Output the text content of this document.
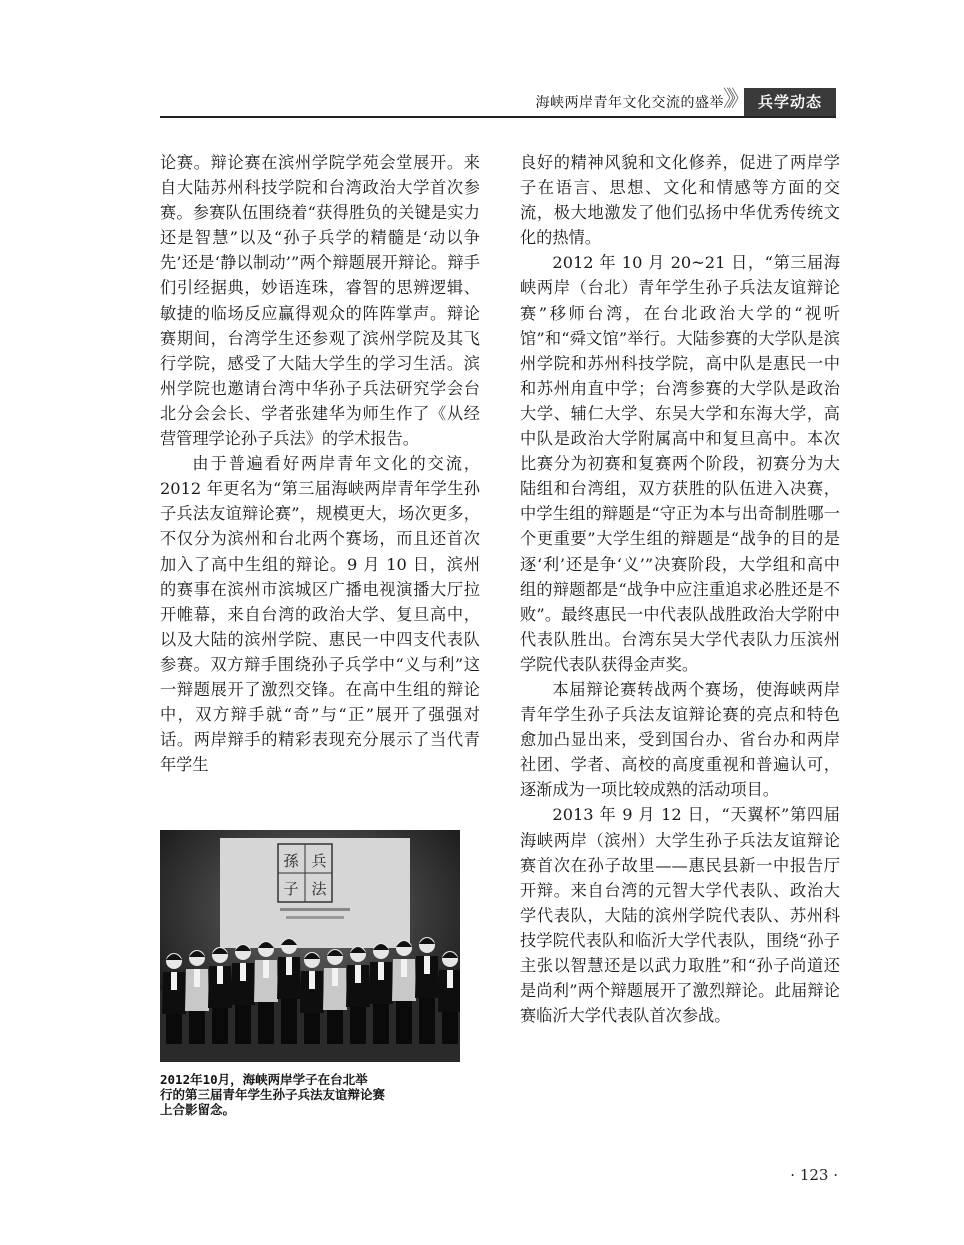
海峡两岸青年文化交流的盛举
》》 兵学动态

论赛。辩论赛在滨州学院学苑会堂展开。来自大陆苏州科技学院和台湾政治大学首次参赛。参赛队伍围绕着“获得胜负的关键是实力还是智慧”以及“孙子兵学的精髓是‘动以争先’还是‘静以制动’”两个辩题展开辩论。辩手们引经据典，妙语连珠，睿智的思辨逻辑、敏捷的临场反应赢得观众的阵阵掌声。辩论赛期间，台湾学生还参观了滨州学院及其飞行学院，感受了大陆大学生的学习生活。滨州学院也邀请台湾中华孙子兵法研究学会台北分会会长、学者张建华为师生作了《从经营管理学论孙子兵法》的学术报告。

由于普遍看好两岸青年文化的交流，2012 年更名为“第三届海峡两岸青年学生孙子兵法友谊辩论赛”，规模更大，场次更多，不仅分为滨州和台北两个赛场，而且还首次加入了高中生组的辩论。9 月 10 日，滨州的赛事在滨州市滨城区广播电视演播大厅拉开帷幕，来自台湾的政治大学、复旦高中，以及大陆的滨州学院、惠民一中四支代表队参赛。双方辩手围绕孙子兵学中“义与利”这一辩题展开了激烈交锋。在高中生组的辩论中，双方辩手就“奇”与“正”展开了强强对话。两岸辩手的精彩表现充分展示了当代青年学生

良好的精神风貌和文化修养，促进了两岸学子在语言、思想、文化和情感等方面的交流，极大地激发了他们弘扬中华优秀传统文化的热情。

2012 年 10 月 20~21 日，“第三届海峡两岸（台北）青年学生孙子兵法友谊辩论赛”移师台湾，在台北政治大学的“视听馆”和“舜文馆”举行。大陆参赛的大学队是滨州学院和苏州科技学院，高中队是惠民一中和苏州甪直中学；台湾参赛的大学队是政治大学、辅仁大学、东吴大学和东海大学，高中队是政治大学附属高中和复旦高中。本次比赛分为初赛和复赛两个阶段，初赛分为大陆组和台湾组，双方获胜的队伍进入决赛，中学生组的辩题是“守正为本与出奇制胜哪一个更重要”大学生组的辩题是“战争的目的是逐‘利’还是争‘义’”决赛阶段，大学组和高中组的辩题都是“战争中应注重追求必胜还是不败”。最终惠民一中代表队战胜政治大学附中代表队胜出。台湾东吴大学代表队力压滨州学院代表队获得金声奖。

本届辩论赛转战两个赛场，使海峡两岸青年学生孙子兵法友谊辩论赛的亮点和特色愈加凸显出来，受到国台办、省台办和两岸社团、学者、高校的高度重视和普遍认可，逐渐成为一项比较成熟的活动项目。

2013 年 9 月 12 日，“天翼杯”第四届海峡两岸（滨州）大学生孙子兵法友谊辩论赛首次在孙子故里——惠民县新一中报告厅开辩。来自台湾的元智大学代表队、政治大学代表队，大陆的滨州学院代表队、苏州科技学院代表队和临沂大学代表队，围绕“孙子主张以智慧还是以武力取胜”和“孙子尚道还是尚利”两个辩题展开了激烈辩论。此届辩论赛临沂大学代表队首次参战。

孫 兵
子 法

2012年10月，海峡两岸学子在台北举

行的第三届青年学生孙子兵法友谊辩论赛

上合影留念。

· 123 ·
